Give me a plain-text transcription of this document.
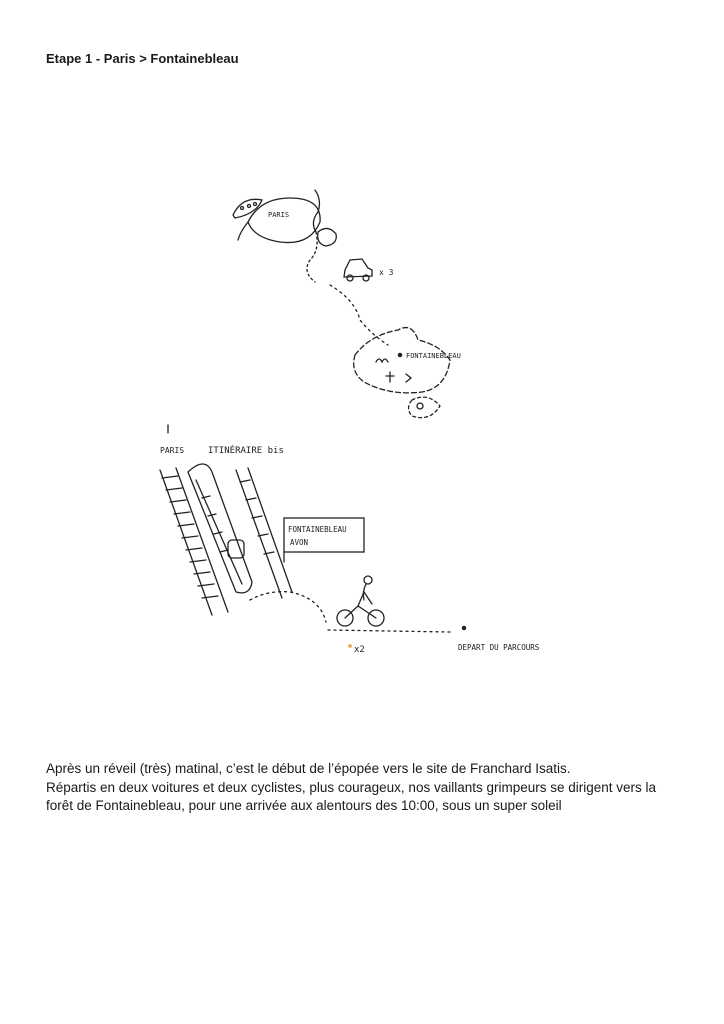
Etape 1 - Paris > Fontainebleau
PARIS
x 3
FONTAINEBLEAU
PARIS	ITINÉRAIRE bis
FONTAINEBLEAU
AVON
x2	DEPART DU PARCOURS

Après un réveil (très) matinal, c’est le début de l’épopée vers le site de Franchard Isatis.

Répartis en deux voitures et deux cyclistes, plus courageux, nos vaillants grimpeurs se dirigent vers la forêt de Fontainebleau, pour une arrivée aux alentours des 10:00, sous un super soleil
